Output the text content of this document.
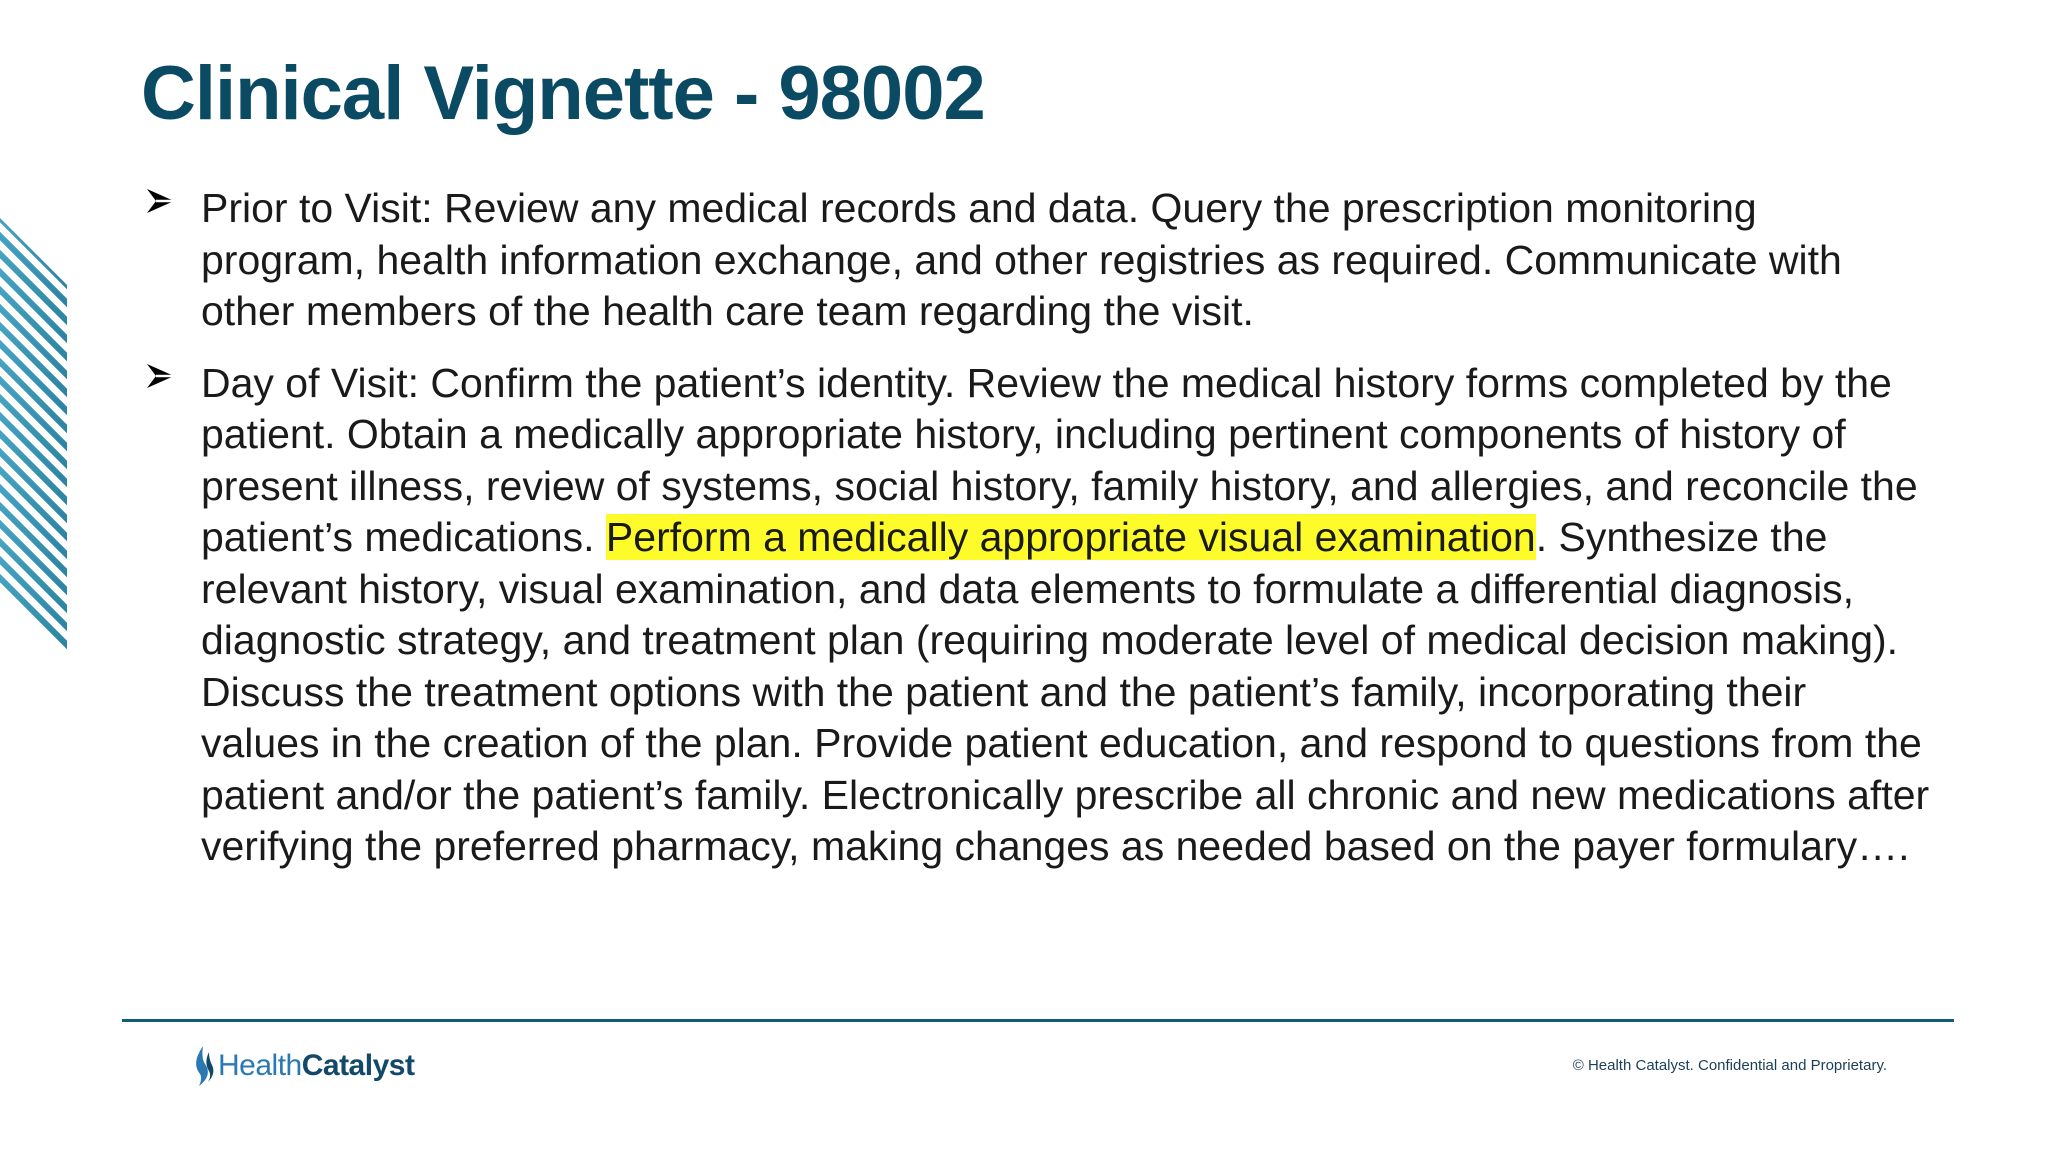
Clinical Vignette - 98002
Prior to Visit: Review any medical records and data. Query the prescription monitoring program, health information exchange, and other registries as required. Communicate with other members of the health care team regarding the visit.
Day of Visit: Confirm the patient’s identity. Review the medical history forms completed by the patient. Obtain a medically appropriate history, including pertinent components of history of present illness, review of systems, social history, family history, and allergies, and reconcile the patient’s medications. Perform a medically appropriate visual examination. Synthesize the relevant history, visual examination, and data elements to formulate a differential diagnosis, diagnostic strategy, and treatment plan (requiring moderate level of medical decision making). Discuss the treatment options with the patient and the patient’s family, incorporating their values in the creation of the plan. Provide patient education, and respond to questions from the patient and/or the patient’s family. Electronically prescribe all chronic and new medications after verifying the preferred pharmacy, making changes as needed based on the payer formulary….
HealthCatalyst	© Health Catalyst. Confidential and Proprietary.
